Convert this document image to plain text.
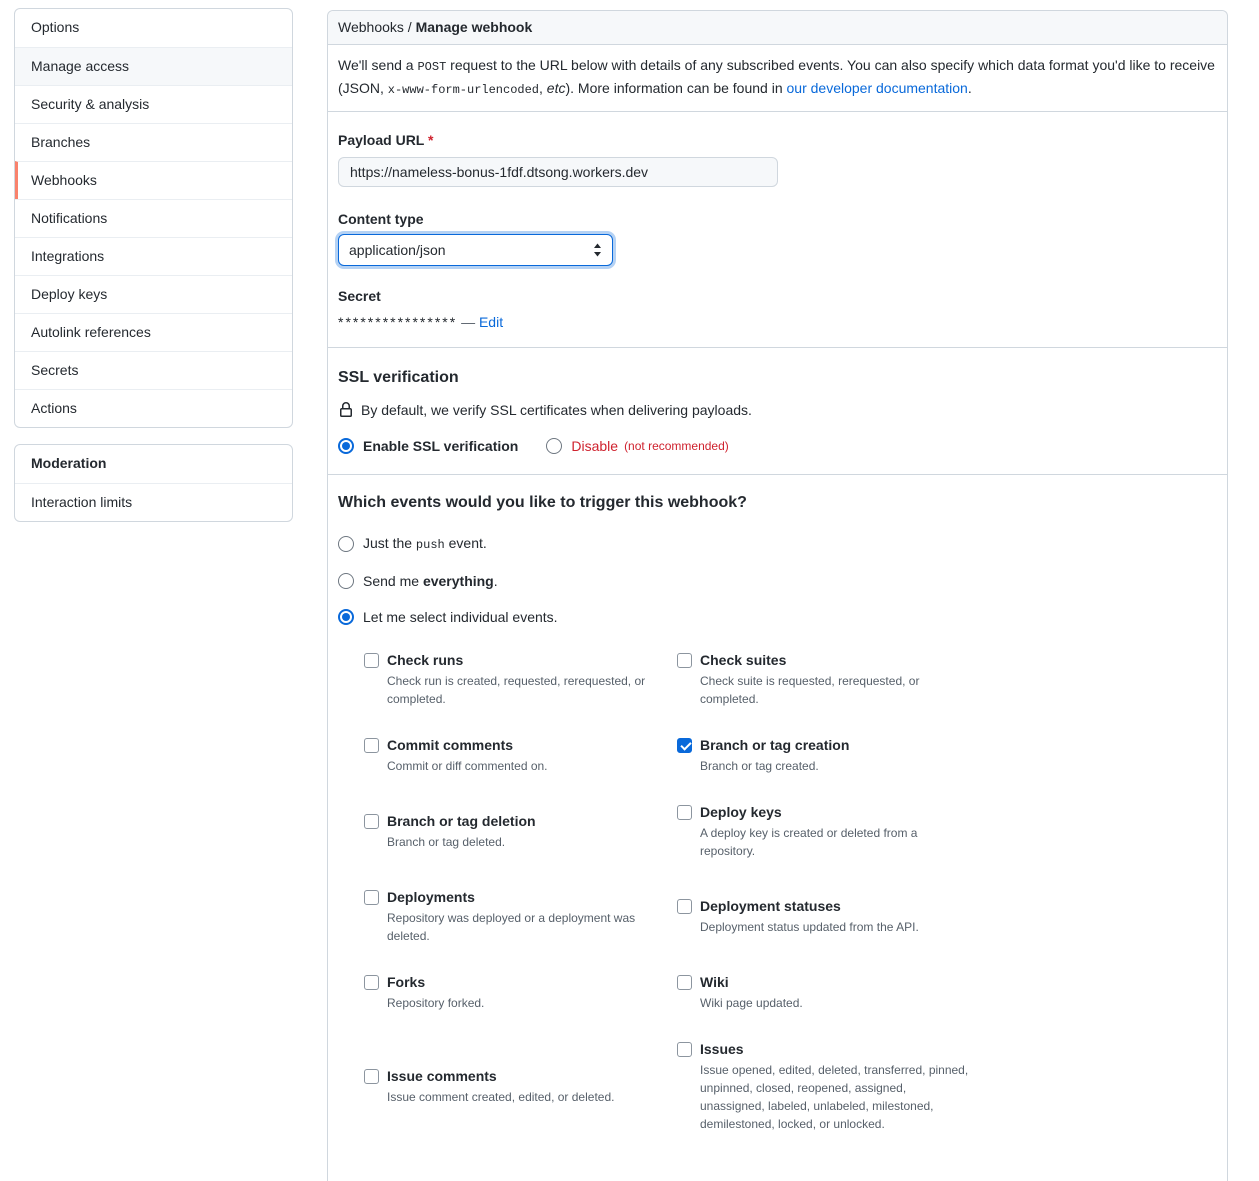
Options
Manage access
Security & analysis
Branches
Webhooks
Notifications
Integrations
Deploy keys
Autolink references
Secrets
Actions
Moderation
Interaction limits
Webhooks / Manage webhook
We'll send a POST request to the URL below with details of any subscribed events. You can also specify which data format you'd like to receive (JSON, x-www-form-urlencoded, etc). More information can be found in our developer documentation.
Payload URL *
https://nameless-bonus-1fdf.dtsong.workers.dev
Content type
application/json
Secret
**************** — Edit
SSL verification
By default, we verify SSL certificates when delivering payloads.
Enable SSL verification	Disable (not recommended)
Which events would you like to trigger this webhook?
Just the push event.
Send me everything.
Let me select individual events.
Check runs
Check run is created, requested, rerequested, or completed.

Check suites
Check suite is requested, rerequested, or completed.

Commit comments
Commit or diff commented on.

Branch or tag creation
Branch or tag created.

Branch or tag deletion
Branch or tag deleted.

Deploy keys
A deploy key is created or deleted from a repository.

Deployments
Repository was deployed or a deployment was deleted.

Deployment statuses
Deployment status updated from the API.

Forks
Repository forked.

Wiki
Wiki page updated.

Issue comments
Issue comment created, edited, or deleted.

Issues
Issue opened, edited, deleted, transferred, pinned, unpinned, closed, reopened, assigned, unassigned, labeled, unlabeled, milestoned, demilestoned, locked, or unlocked.
